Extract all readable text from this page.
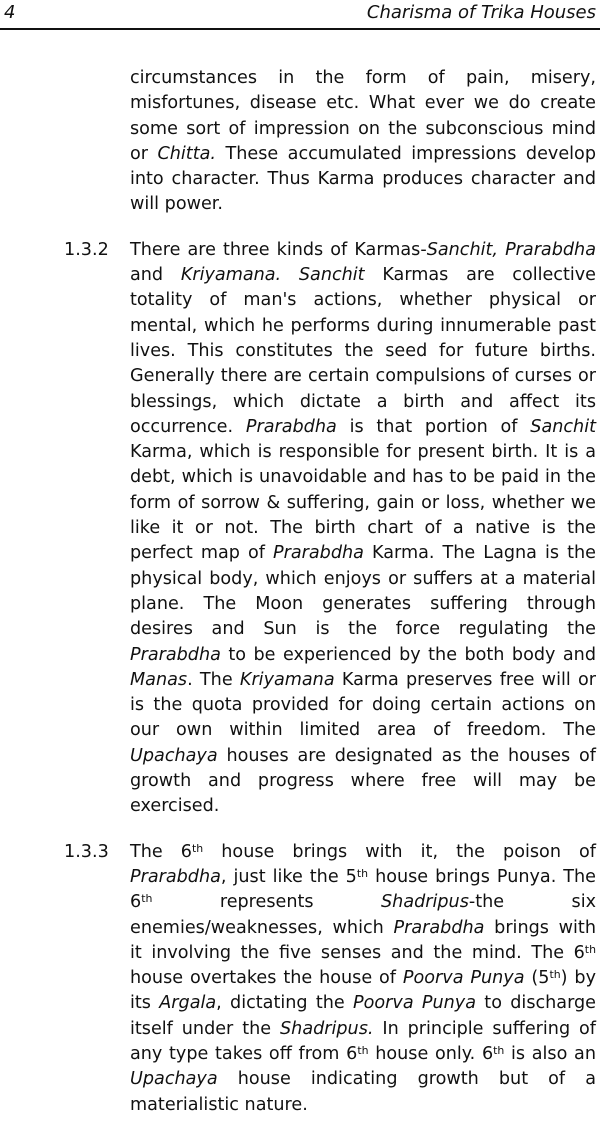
4	Charisma of Trika Houses

circumstances in the form of pain, misery, misfortunes, disease etc. What ever we do create some sort of impression on the subconscious mind or Chitta. These accumulated impressions develop into character. Thus Karma produces character and will power.

1.3.2 There are three kinds of Karmas-Sanchit, Prarabdha and Kriyamana. Sanchit Karmas are collective totality of man's actions, whether physical or mental, which he performs during innumerable past lives. This constitutes the seed for future births. Generally there are certain compulsions of curses or blessings, which dictate a birth and affect its occurrence. Prarabdha is that portion of Sanchit Karma, which is responsible for present birth. It is a debt, which is unavoidable and has to be paid in the form of sorrow & suffering, gain or loss, whether we like it or not. The birth chart of a native is the perfect map of Prarabdha Karma. The Lagna is the physical body, which enjoys or suffers at a material plane. The Moon generates suffering through desires and Sun is the force regulating the Prarabdha to be experienced by the both body and Manas. The Kriyamana Karma preserves free will or is the quota provided for doing certain actions on our own within limited area of freedom. The Upachaya houses are designated as the houses of growth and progress where free will may be exercised.

1.3.3 The 6th house brings with it, the poison of Prarabdha, just like the 5th house brings Punya. The 6th represents Shadripus-the six enemies/weaknesses, which Prarabdha brings with it involving the five senses and the mind. The 6th house overtakes the house of Poorva Punya (5th) by its Argala, dictating the Poorva Punya to discharge itself under the Shadripus. In principle suffering of any type takes off from 6th house only. 6th is also an Upachaya house indicating growth but of a materialistic nature.
